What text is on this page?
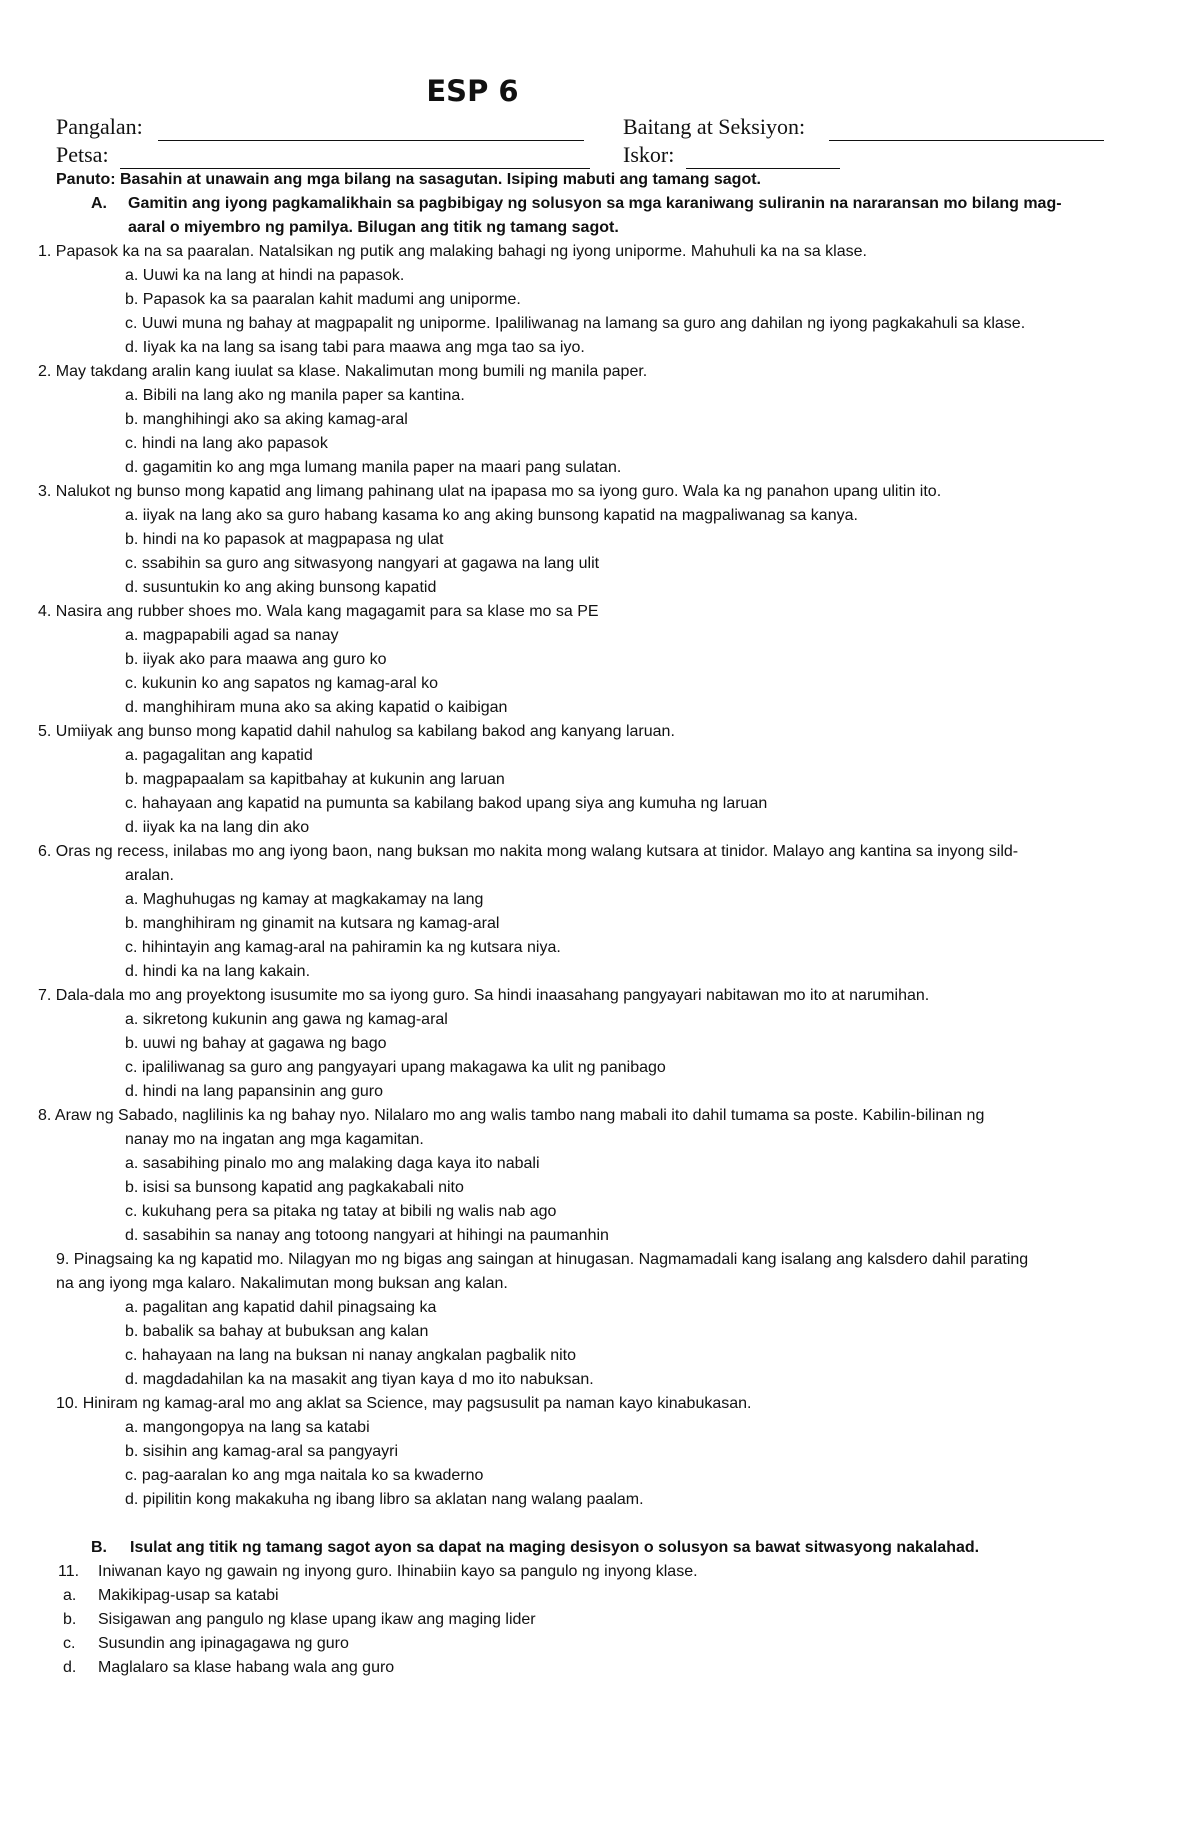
ESP 6
Pangalan:	Baitang at Seksiyon:
Petsa:	Iskor:
Panuto: Basahin at unawain ang mga bilang na sasagutan. Isiping mabuti ang tamang sagot.
A. Gamitin ang iyong pagkamalikhain sa pagbibigay ng solusyon sa mga karaniwang suliranin na nararansan mo bilang mag-
aaral o miyembro ng pamilya. Bilugan ang titik ng tamang sagot.
1. Papasok ka na sa paaralan. Natalsikan ng putik ang malaking bahagi ng iyong uniporme. Mahuhuli ka na sa klase.
a. Uuwi ka na lang at hindi na papasok.
b. Papasok ka sa paaralan kahit madumi ang uniporme.
c. Uuwi muna ng bahay at magpapalit ng uniporme. Ipaliliwanag na lamang sa guro ang dahilan ng iyong pagkakahuli sa klase.
d. Iiyak ka na lang sa isang tabi para maawa ang mga tao sa iyo.
2. May takdang aralin kang iuulat sa klase. Nakalimutan mong bumili ng manila paper.
a. Bibili na lang ako ng manila paper sa kantina.
b. manghihingi ako sa aking kamag-aral
c. hindi na lang ako papasok
d. gagamitin ko ang mga lumang manila paper na maari pang sulatan.
3. Nalukot ng bunso mong kapatid ang limang pahinang ulat na ipapasa mo sa iyong guro. Wala ka ng panahon upang ulitin ito.
a. iiyak na lang ako sa guro habang kasama ko ang aking bunsong kapatid na magpaliwanag sa kanya.
b. hindi na ko papasok at magpapasa ng ulat
c. ssabihin sa guro ang sitwasyong nangyari at gagawa na lang ulit
d. susuntukin ko ang aking bunsong kapatid
4. Nasira ang rubber shoes mo. Wala kang magagamit para sa klase mo sa PE
a. magpapabili agad sa nanay
b. iiyak ako para maawa ang guro ko
c. kukunin ko ang sapatos ng kamag-aral ko
d. manghihiram muna ako sa aking kapatid o kaibigan
5. Umiiyak ang bunso mong kapatid dahil nahulog sa kabilang bakod ang kanyang laruan.
a. pagagalitan ang kapatid
b. magpapaalam sa kapitbahay at kukunin ang laruan
c. hahayaan ang kapatid na pumunta sa kabilang bakod upang siya ang kumuha ng laruan
d. iiyak ka na lang din ako
6. Oras ng recess, inilabas mo ang iyong baon, nang buksan mo nakita mong walang kutsara at tinidor. Malayo ang kantina sa inyong sild-
aralan.
a. Maghuhugas ng kamay at magkakamay na lang
b. manghihiram ng ginamit na kutsara ng kamag-aral
c. hihintayin ang kamag-aral na pahiramin ka ng kutsara niya.
d. hindi ka na lang kakain.
7. Dala-dala mo ang proyektong isusumite mo sa iyong guro. Sa hindi inaasahang pangyayari nabitawan mo ito at narumihan.
a. sikretong kukunin ang gawa ng kamag-aral
b. uuwi ng bahay at gagawa ng bago
c. ipaliliwanag sa guro ang pangyayari upang makagawa ka ulit ng panibago
d. hindi na lang papansinin ang guro
8. Araw ng Sabado, naglilinis ka ng bahay nyo. Nilalaro mo ang walis tambo nang mabali ito dahil tumama sa poste. Kabilin-bilinan ng
nanay mo na ingatan ang mga kagamitan.
a. sasabihing pinalo mo ang malaking daga kaya ito nabali
b. isisi sa bunsong kapatid ang pagkakabali nito
c. kukuhang pera sa pitaka ng tatay at bibili ng walis nab ago
d. sasabihin sa nanay ang totoong nangyari at hihingi na paumanhin
9. Pinagsaing ka ng kapatid mo. Nilagyan mo ng bigas ang saingan at hinugasan. Nagmamadali kang isalang ang kalsdero dahil parating
na ang iyong mga kalaro. Nakalimutan mong buksan ang kalan.
a. pagalitan ang kapatid dahil pinagsaing ka
b. babalik sa bahay at bubuksan ang kalan
c. hahayaan na lang na buksan ni nanay angkalan pagbalik nito
d. magdadahilan ka na masakit ang tiyan kaya d mo ito nabuksan.
10. Hiniram ng kamag-aral mo ang aklat sa Science, may pagsusulit pa naman kayo kinabukasan.
a. mangongopya na lang sa katabi
b. sisihin ang kamag-aral sa pangyayri
c. pag-aaralan ko ang mga naitala ko sa kwaderno
d. pipilitin kong makakuha ng ibang libro sa aklatan nang walang paalam.
B. Isulat ang titik ng tamang sagot ayon sa dapat na maging desisyon o solusyon sa bawat sitwasyong nakalahad.
11. Iniwanan kayo ng gawain ng inyong guro. Ihinabiin kayo sa pangulo ng inyong klase.
a. Makikipag-usap sa katabi
b. Sisigawan ang pangulo ng klase upang ikaw ang maging lider
c. Susundin ang ipinagagawa ng guro
d. Maglalaro sa klase habang wala ang guro
